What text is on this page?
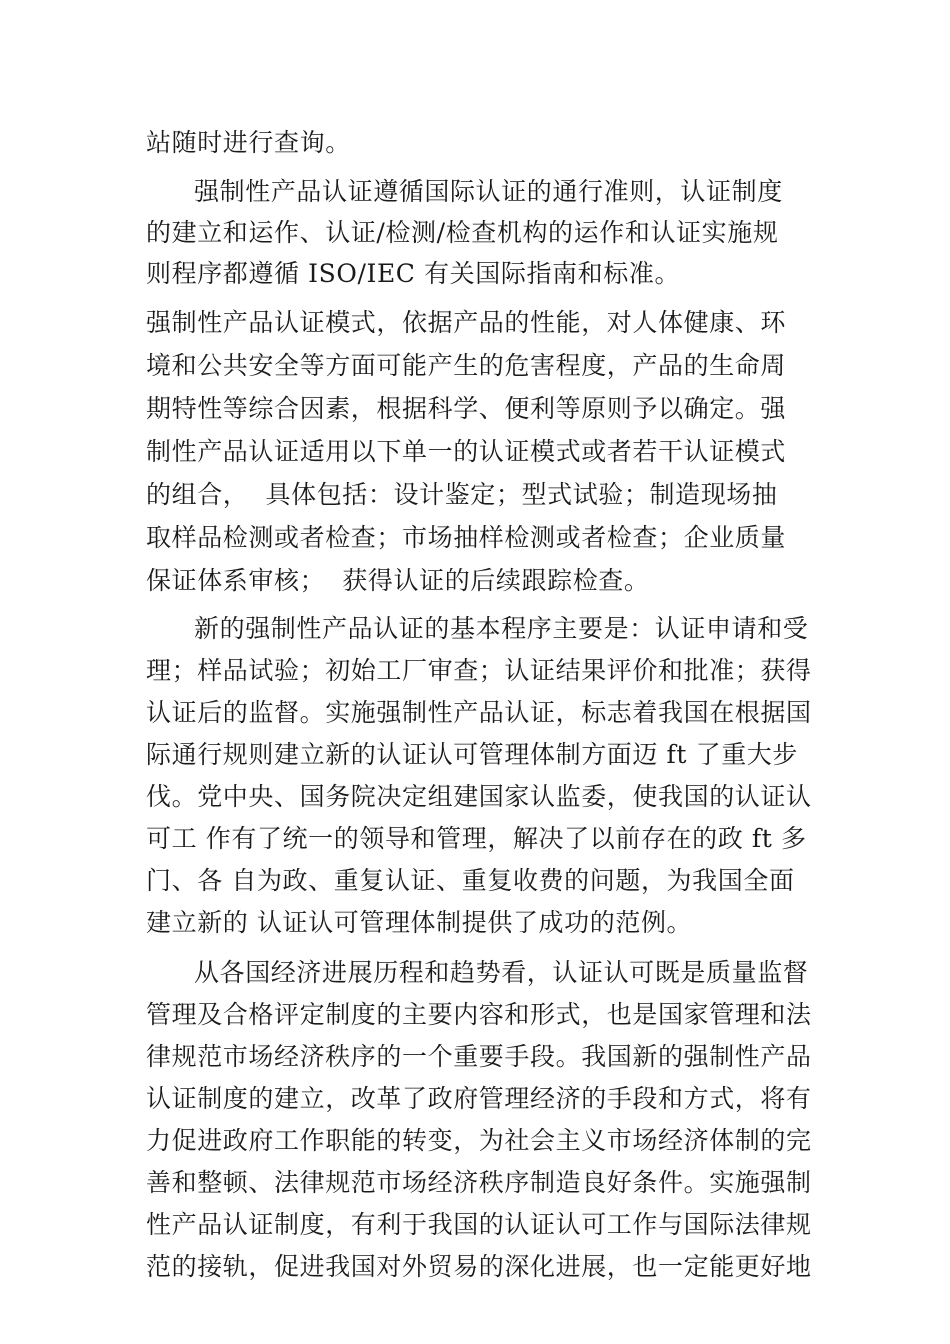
站随时进行查询。
强制性产品认证遵循国际认证的通行准则，认证制度
的建立和运作、认证/检测/检查机构的运作和认证实施规
则程序都遵循 ISO/IEC 有关国际指南和标准。
强制性产品认证模式，依据产品的性能，对人体健康、环
境和公共安全等方面可能产生的危害程度，产品的生命周
期特性等综合因素，根据科学、便利等原则予以确定。强
制性产品认证适用以下单一的认证模式或者若干认证模式
的组合，  具体包括：设计鉴定；型式试验；制造现场抽
取样品检测或者检查；市场抽样检测或者检查；企业质量
保证体系审核；  获得认证的后续跟踪检查。
新的强制性产品认证的基本程序主要是：认证申请和受
理；样品试验；初始工厂审查；认证结果评价和批准；获得
认证后的监督。实施强制性产品认证，标志着我国在根据国
际通行规则建立新的认证认可管理体制方面迈 ft 了重大步
伐。党中央、国务院决定组建国家认监委，使我国的认证认
可工 作有了统一的领导和管理，解决了以前存在的政 ft 多
门、各 自为政、重复认证、重复收费的问题，为我国全面
建立新的 认证认可管理体制提供了成功的范例。
从各国经济进展历程和趋势看，认证认可既是质量监督
管理及合格评定制度的主要内容和形式，也是国家管理和法
律规范市场经济秩序的一个重要手段。我国新的强制性产品
认证制度的建立，改革了政府管理经济的手段和方式，将有
力促进政府工作职能的转变，为社会主义市场经济体制的完
善和整顿、法律规范市场经济秩序制造良好条件。实施强制
性产品认证制度，有利于我国的认证认可工作与国际法律规
范的接轨，促进我国对外贸易的深化进展，也一定能更好地
